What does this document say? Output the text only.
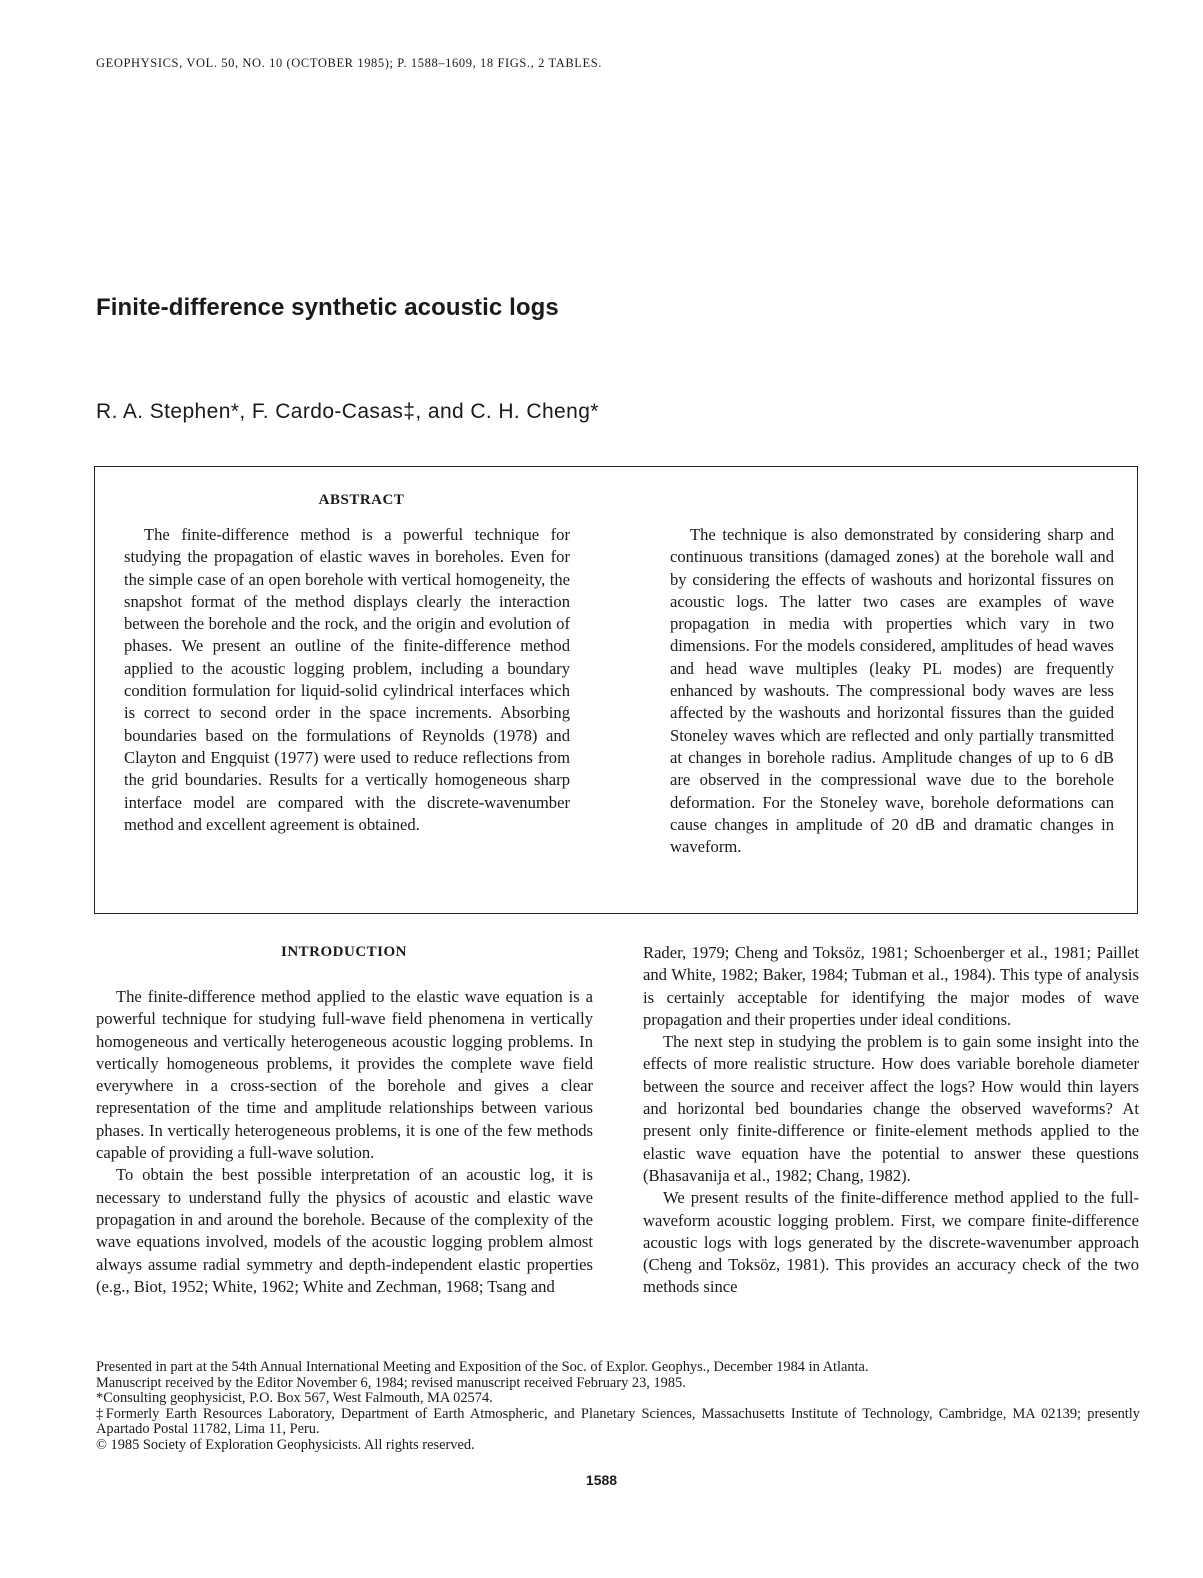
GEOPHYSICS, VOL. 50, NO. 10 (OCTOBER 1985); P. 1588–1609, 18 FIGS., 2 TABLES.
Finite-difference synthetic acoustic logs
R. A. Stephen*, F. Cardo-Casas‡, and C. H. Cheng*
ABSTRACT

The finite-difference method is a powerful technique for studying the propagation of elastic waves in boreholes. Even for the simple case of an open borehole with vertical homogeneity, the snapshot format of the method displays clearly the interaction between the borehole and the rock, and the origin and evolution of phases. We present an outline of the finite-difference method applied to the acoustic logging problem, including a boundary condition formulation for liquid-solid cylindrical interfaces which is correct to second order in the space increments. Absorbing boundaries based on the formulations of Reynolds (1978) and Clayton and Engquist (1977) were used to reduce reflections from the grid boundaries. Results for a vertically homogeneous sharp interface model are compared with the discrete-wavenumber method and excellent agreement is obtained.

The technique is also demonstrated by considering sharp and continuous transitions (damaged zones) at the borehole wall and by considering the effects of washouts and horizontal fissures on acoustic logs. The latter two cases are examples of wave propagation in media with properties which vary in two dimensions. For the models considered, amplitudes of head waves and head wave multiples (leaky PL modes) are frequently enhanced by washouts. The compressional body waves are less affected by the washouts and horizontal fissures than the guided Stoneley waves which are reflected and only partially transmitted at changes in borehole radius. Amplitude changes of up to 6 dB are observed in the compressional wave due to the borehole deformation. For the Stoneley wave, borehole deformations can cause changes in amplitude of 20 dB and dramatic changes in waveform.

INTRODUCTION

The finite-difference method applied to the elastic wave equation is a powerful technique for studying full-wave field phenomena in vertically homogeneous and vertically heterogeneous acoustic logging problems. In vertically homogeneous problems, it provides the complete wave field everywhere in a cross-section of the borehole and gives a clear representation of the time and amplitude relationships between various phases. In vertically heterogeneous problems, it is one of the few methods capable of providing a full-wave solution.

To obtain the best possible interpretation of an acoustic log, it is necessary to understand fully the physics of acoustic and elastic wave propagation in and around the borehole. Because of the complexity of the wave equations involved, models of the acoustic logging problem almost always assume radial symmetry and depth-independent elastic properties (e.g., Biot, 1952; White, 1962; White and Zechman, 1968; Tsang and

Rader, 1979; Cheng and Toksöz, 1981; Schoenberger et al., 1981; Paillet and White, 1982; Baker, 1984; Tubman et al., 1984). This type of analysis is certainly acceptable for identifying the major modes of wave propagation and their properties under ideal conditions.

The next step in studying the problem is to gain some insight into the effects of more realistic structure. How does variable borehole diameter between the source and receiver affect the logs? How would thin layers and horizontal bed boundaries change the observed waveforms? At present only finite-difference or finite-element methods applied to the elastic wave equation have the potential to answer these questions (Bhasavanija et al., 1982; Chang, 1982).

We present results of the finite-difference method applied to the full-waveform acoustic logging problem. First, we compare finite-difference acoustic logs with logs generated by the discrete-wavenumber approach (Cheng and Toksöz, 1981). This provides an accuracy check of the two methods since

Presented in part at the 54th Annual International Meeting and Exposition of the Soc. of Explor. Geophys., December 1984 in Atlanta.
Manuscript received by the Editor November 6, 1984; revised manuscript received February 23, 1985.
*Consulting geophysicist, P.O. Box 567, West Falmouth, MA 02574.
‡Formerly Earth Resources Laboratory, Department of Earth Atmospheric, and Planetary Sciences, Massachusetts Institute of Technology, Cambridge, MA 02139; presently Apartado Postal 11782, Lima 11, Peru.
© 1985 Society of Exploration Geophysicists. All rights reserved.
1588
